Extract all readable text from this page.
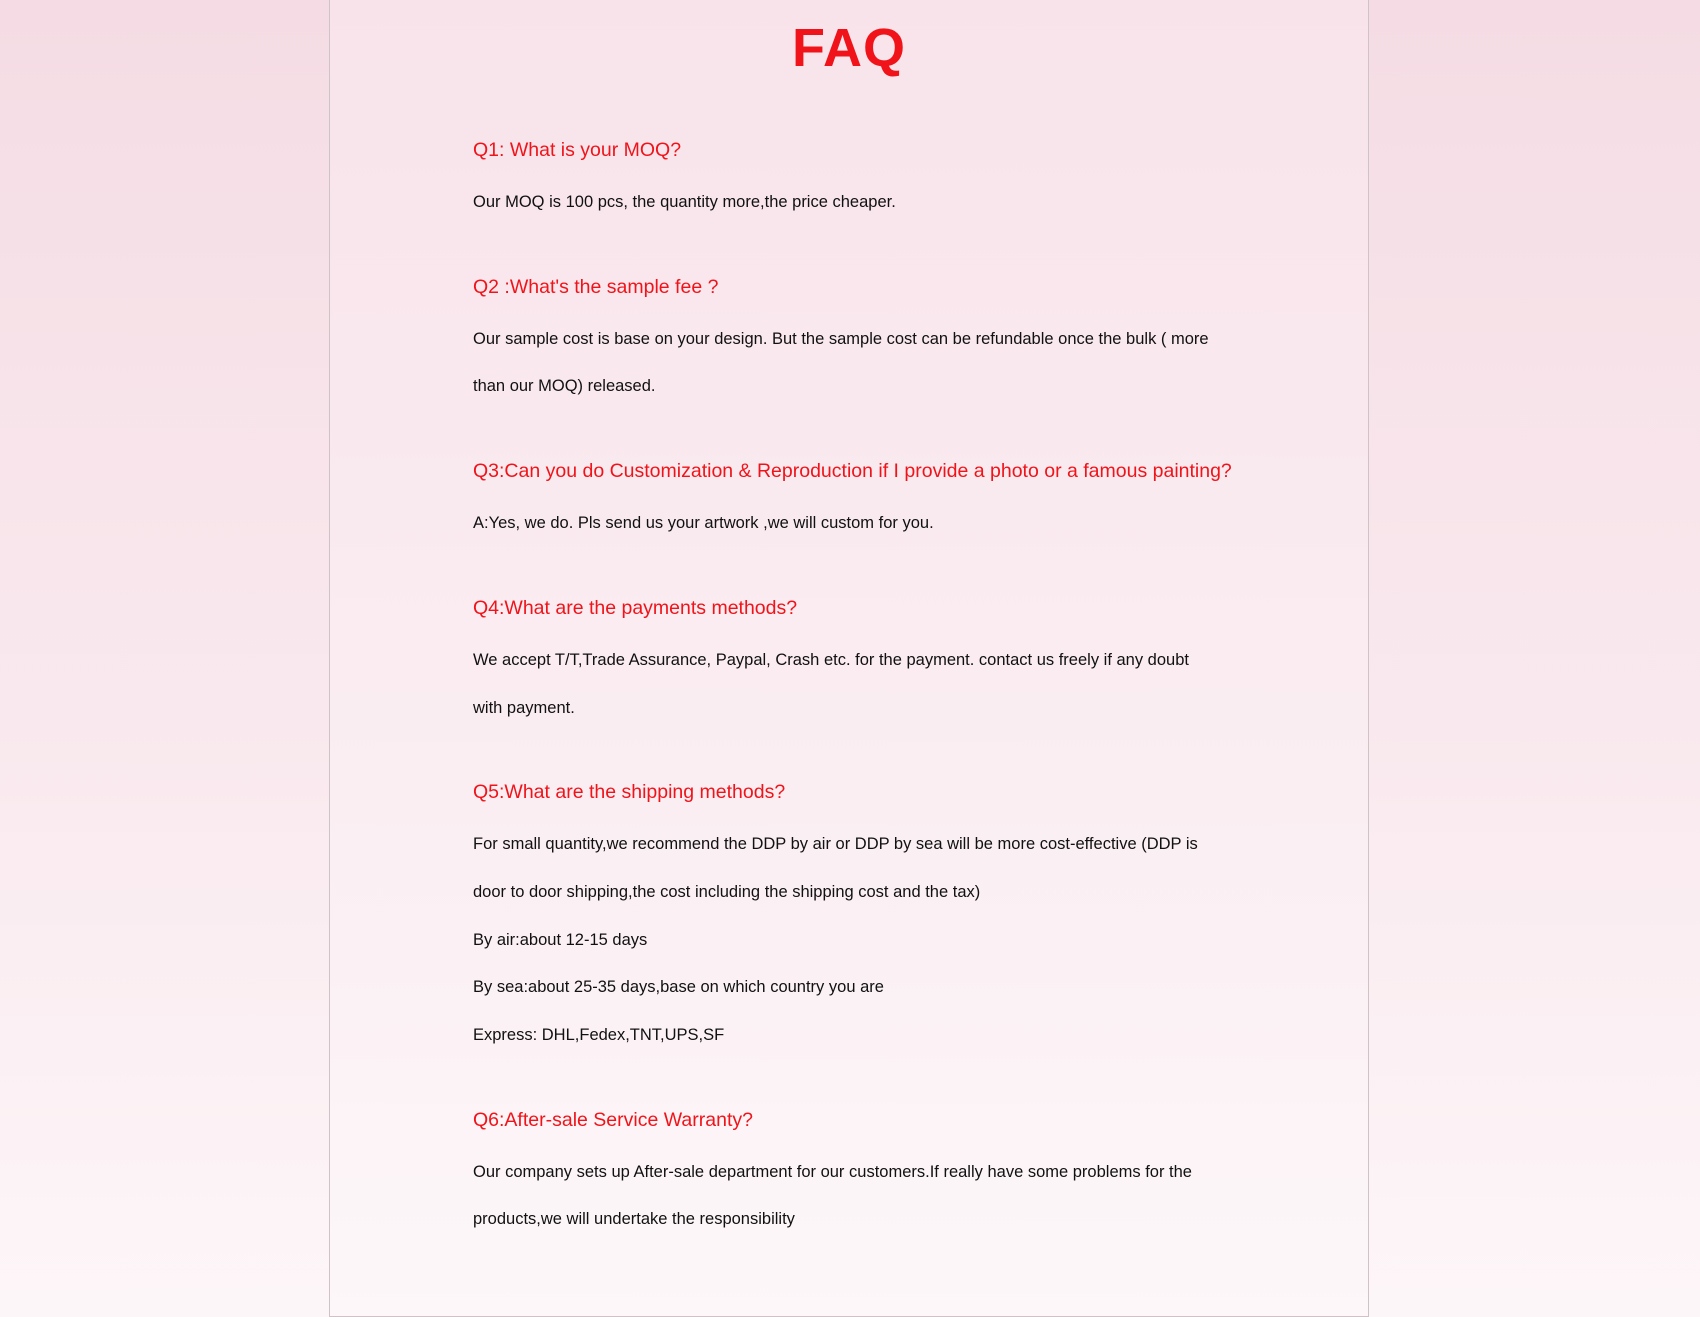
FAQ

Q1: What is your MOQ?

Our MOQ is 100 pcs, the quantity more,the price cheaper.

Q2 :What's the sample fee ?

Our sample cost is base on your design. But the sample cost can be refundable once the bulk ( more
than our MOQ) released.

Q3:Can you do Customization & Reproduction if I provide a photo or a famous painting?

A:Yes, we do. Pls send us your artwork ,we will custom for you.

Q4:What are the payments methods?

We accept T/T,Trade Assurance, Paypal, Crash etc. for the payment. contact us freely if any doubt
with payment.

Q5:What are the shipping methods?

For small quantity,we recommend the DDP by air or DDP by sea will be more cost-effective (DDP is
door to door shipping,the cost including the shipping cost and the tax)
By air:about 12-15 days
By sea:about 25-35 days,base on which country you are
Express: DHL,Fedex,TNT,UPS,SF

Q6:After-sale Service Warranty?

Our company sets up After-sale department for our customers.If really have some problems for the
products,we will undertake the responsibility
